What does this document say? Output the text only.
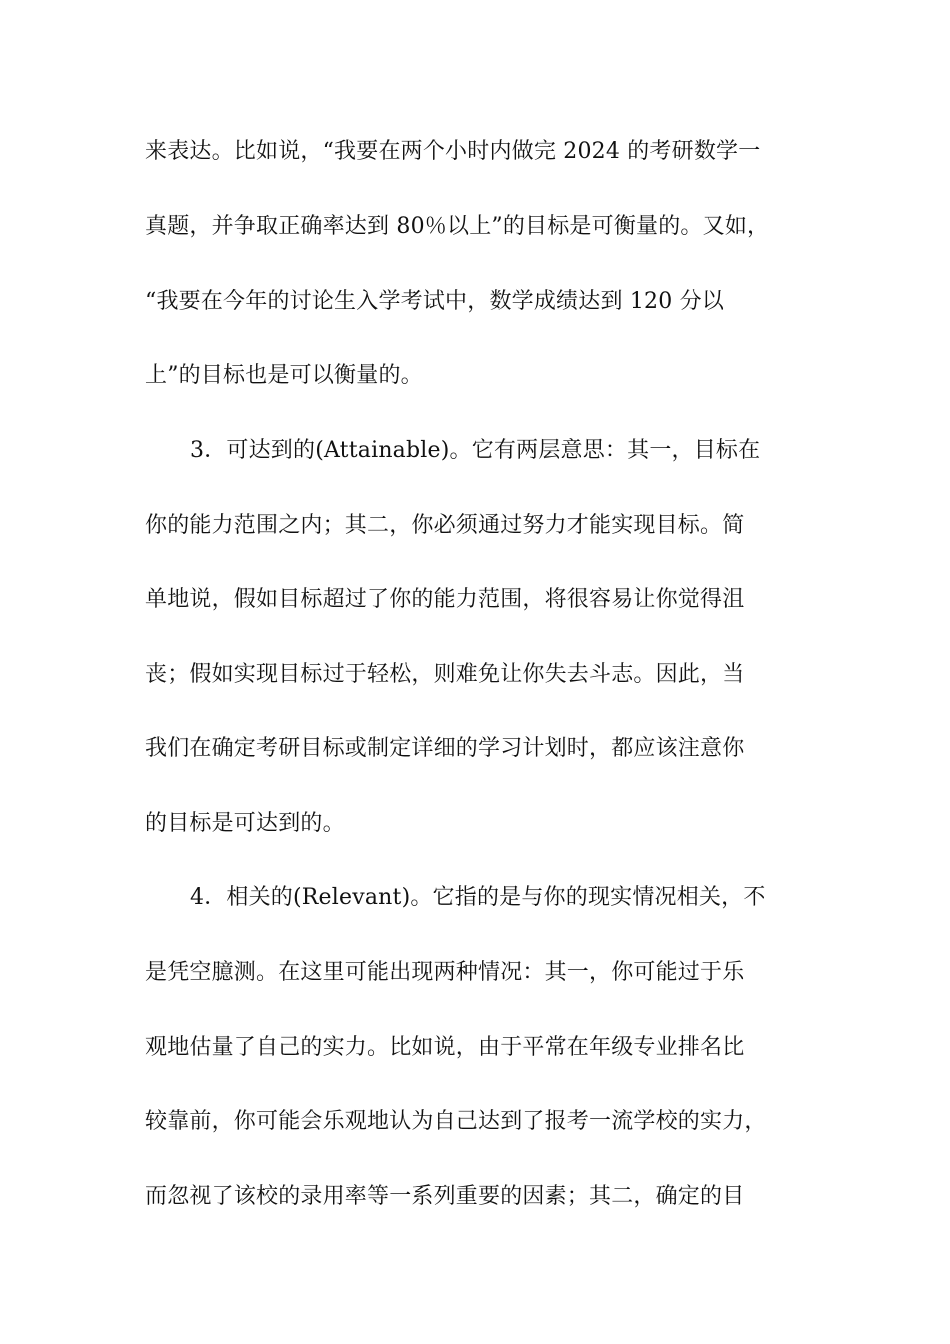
来表达。比如说，“我要在两个小时内做完 2024 的考研数学一
真题，并争取正确率达到 80％以上”的目标是可衡量的。又如，
“我要在今年的讨论生入学考试中，数学成绩达到 120 分以
上”的目标也是可以衡量的。
3．可达到的(Attainable)。它有两层意思：其一，目标在
你的能力范围之内；其二，你必须通过努力才能实现目标。简
单地说，假如目标超过了你的能力范围，将很容易让你觉得沮
丧；假如实现目标过于轻松，则难免让你失去斗志。因此，当
我们在确定考研目标或制定详细的学习计划时，都应该注意你
的目标是可达到的。
4．相关的(Relevant)。它指的是与你的现实情况相关，不
是凭空臆测。在这里可能出现两种情况：其一，你可能过于乐
观地估量了自己的实力。比如说，由于平常在年级专业排名比
较靠前，你可能会乐观地认为自己达到了报考一流学校的实力，
而忽视了该校的录用率等一系列重要的因素；其二，确定的目
